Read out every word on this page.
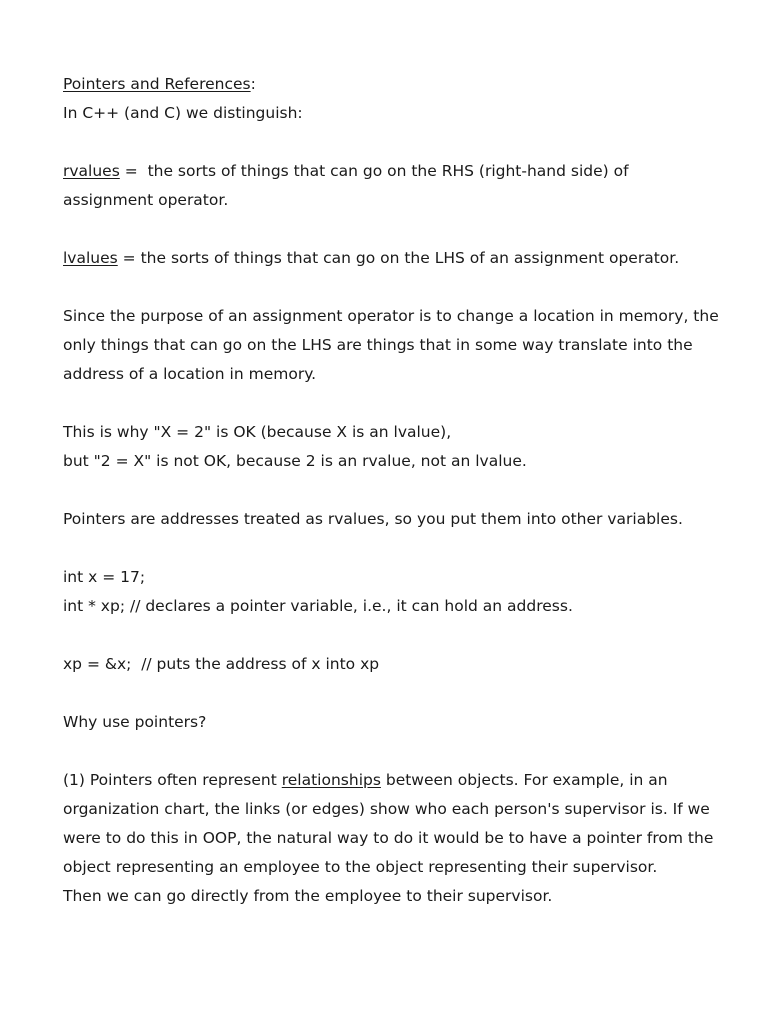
Pointers and References:
In C++ (and C) we distinguish:
rvalues =  the sorts of things that can go on the RHS (right-hand side) of
assignment operator.
lvalues = the sorts of things that can go on the LHS of an assignment operator.
Since the purpose of an assignment operator is to change a location in memory, the
only things that can go on the LHS are things that in some way translate into the
address of a location in memory.
This is why "X = 2" is OK (because X is an lvalue),
but "2 = X" is not OK, because 2 is an rvalue, not an lvalue.
Pointers are addresses treated as rvalues, so you put them into other variables.
int x = 17;
int * xp; // declares a pointer variable, i.e., it can hold an address.
xp = &x;  // puts the address of x into xp
Why use pointers?
(1) Pointers often represent relationships between objects. For example, in an
organization chart, the links (or edges) show who each person's supervisor is. If we
were to do this in OOP, the natural way to do it would be to have a pointer from the
object representing an employee to the object representing their supervisor.
Then we can go directly from the employee to their supervisor.
